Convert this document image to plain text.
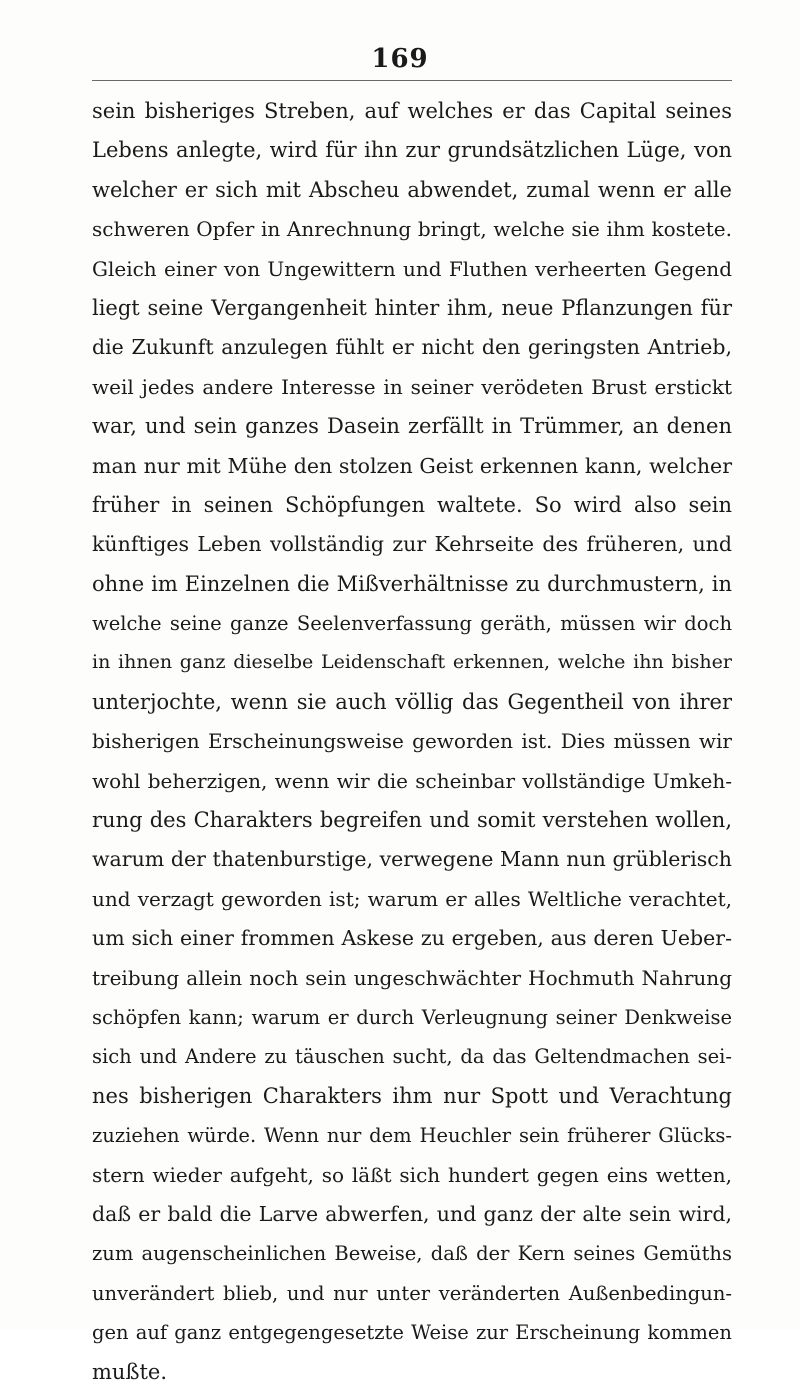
169
sein bisheriges Streben, auf welches er das Capital seines
Lebens anlegte, wird für ihn zur grundsätzlichen Lüge, von
welcher er sich mit Abscheu abwendet, zumal wenn er alle
schweren Opfer in Anrechnung bringt, welche sie ihm kostete.
Gleich einer von Ungewittern und Fluthen verheerten Gegend
liegt seine Vergangenheit hinter ihm, neue Pflanzungen für
die Zukunft anzulegen fühlt er nicht den geringsten Antrieb,
weil jedes andere Interesse in seiner verödeten Brust erstickt
war, und sein ganzes Dasein zerfällt in Trümmer, an denen
man nur mit Mühe den stolzen Geist erkennen kann, welcher
früher in seinen Schöpfungen waltete. So wird also sein
künftiges Leben vollständig zur Kehrseite des früheren, und
ohne im Einzelnen die Mißverhältnisse zu durchmustern, in
welche seine ganze Seelenverfassung geräth, müssen wir doch
in ihnen ganz dieselbe Leidenschaft erkennen, welche ihn bisher
unterjochte, wenn sie auch völlig das Gegentheil von ihrer
bisherigen Erscheinungsweise geworden ist. Dies müssen wir
wohl beherzigen, wenn wir die scheinbar vollständige Umkeh-
rung des Charakters begreifen und somit verstehen wollen,
warum der thatenburstige, verwegene Mann nun grüblerisch
und verzagt geworden ist; warum er alles Weltliche verachtet,
um sich einer frommen Askese zu ergeben, aus deren Ueber-
treibung allein noch sein ungeschwächter Hochmuth Nahrung
schöpfen kann; warum er durch Verleugnung seiner Denkweise
sich und Andere zu täuschen sucht, da das Geltendmachen sei-
nes bisherigen Charakters ihm nur Spott und Verachtung
zuziehen würde. Wenn nur dem Heuchler sein früherer Glücks-
stern wieder aufgeht, so läßt sich hundert gegen eins wetten,
daß er bald die Larve abwerfen, und ganz der alte sein wird,
zum augenscheinlichen Beweise, daß der Kern seines Gemüths
unverändert blieb, und nur unter veränderten Außenbedingun-
gen auf ganz entgegengesetzte Weise zur Erscheinung kommen
mußte.
